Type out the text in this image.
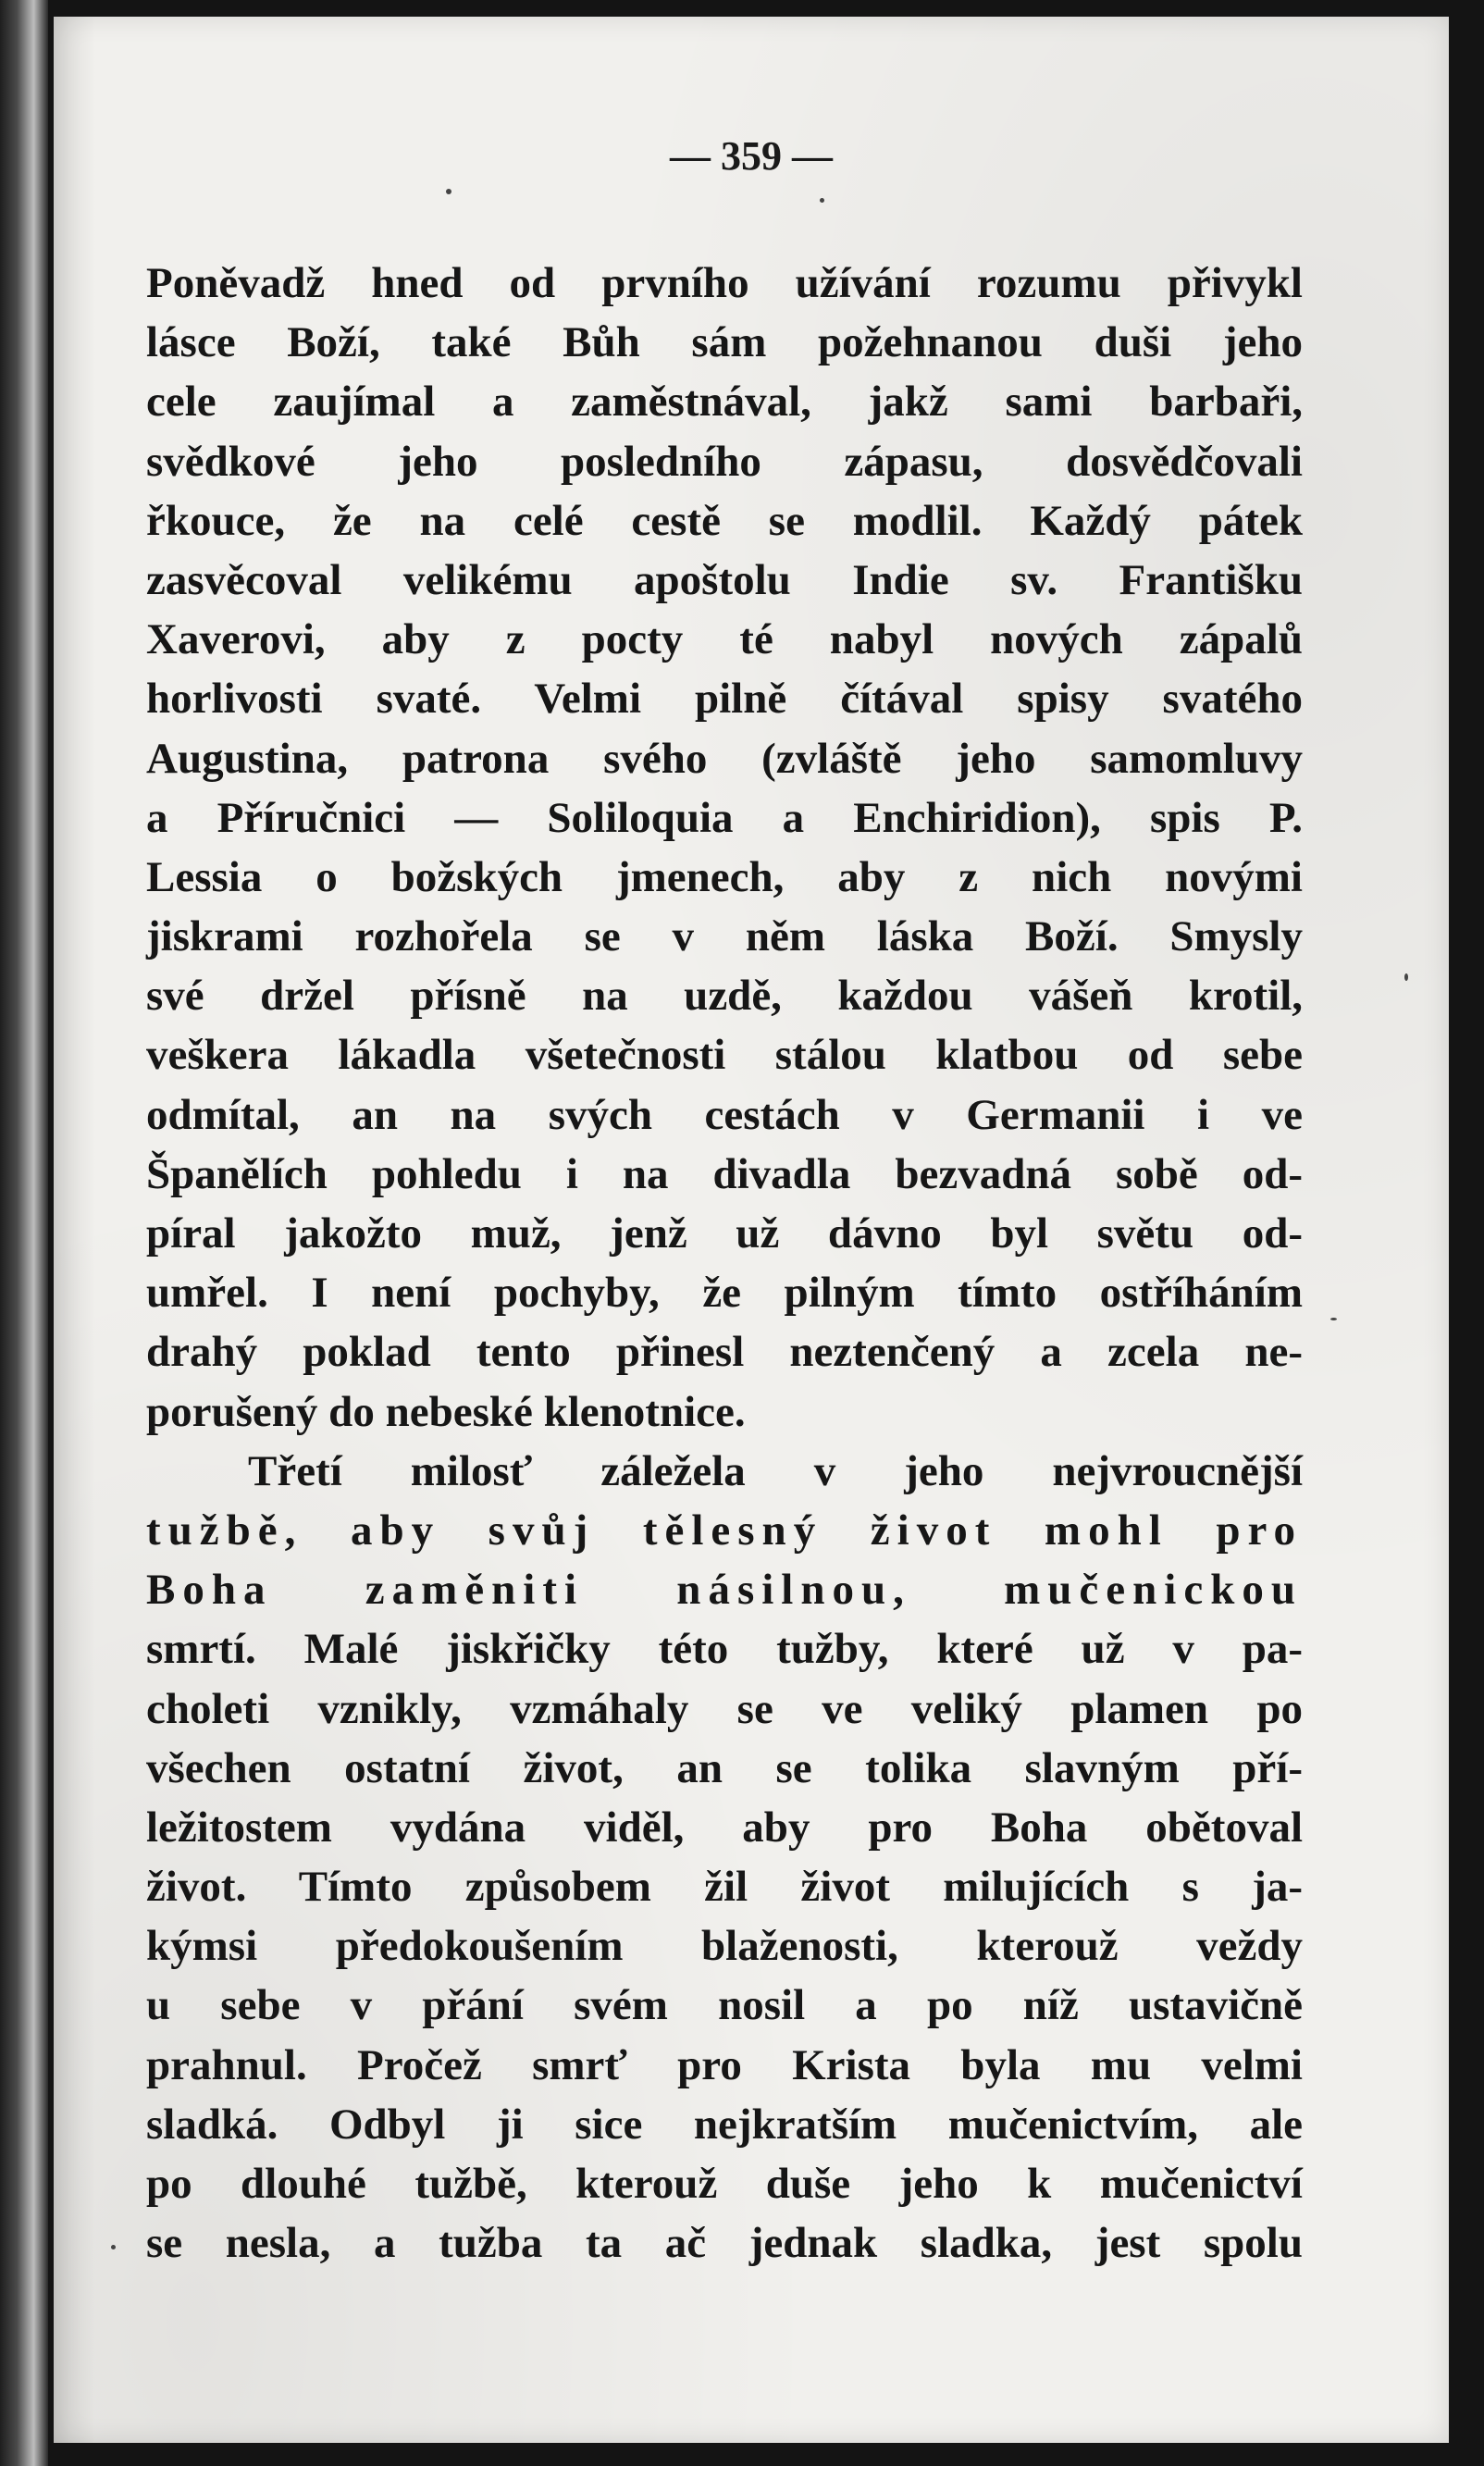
— 359 —
Poněvadž hned od prvního užívání rozumu přivykl
lásce Boží, také Bůh sám požehnanou duši jeho
cele zaujímal a zaměstnával, jakž sami barbaři,
svědkové jeho posledního zápasu, dosvědčovali
řkouce, že na celé cestě se modlil. Každý pátek
zasvěcoval velikému apoštolu Indie sv. Františku
Xaverovi, aby z pocty té nabyl nových zápalů
horlivosti svaté. Velmi pilně čítával spisy svatého
Augustina, patrona svého (zvláště jeho samomluvy
a Příručnici — Soliloquia a Enchiridion), spis P.
Lessia o božských jmenech, aby z nich novými
jiskrami rozhořela se v něm láska Boží. Smysly
své držel přísně na uzdě, každou vášeň krotil,
veškera lákadla všetečnosti stálou klatbou od sebe
odmítal, an na svých cestách v Germanii i ve
Španělích pohledu i na divadla bezvadná sobě od-
píral jakožto muž, jenž už dávno byl světu od-
umřel. I není pochyby, že pilným tímto ostříháním
drahý poklad tento přinesl neztenčený a zcela ne-
porušený do nebeské klenotnice.
Třetí milosť záležela v jeho nejvroucnější
tužbě, aby svůj tělesný život mohl pro
Boha zaměniti násilnou, mučenickou
smrtí. Malé jiskřičky této tužby, které už v pa-
choleti vznikly, vzmáhaly se ve veliký plamen po
všechen ostatní život, an se tolika slavným pří-
ležitostem vydána viděl, aby pro Boha obětoval
život. Tímto způsobem žil život milujících s ja-
kýmsi předokoušením blaženosti, kterouž veždy
u sebe v přání svém nosil a po níž ustavičně
prahnul. Pročež smrť pro Krista byla mu velmi
sladká. Odbyl ji sice nejkratším mučenictvím, ale
po dlouhé tužbě, kterouž duše jeho k mučenictví
se nesla, a tužba ta ač jednak sladka, jest spolu
